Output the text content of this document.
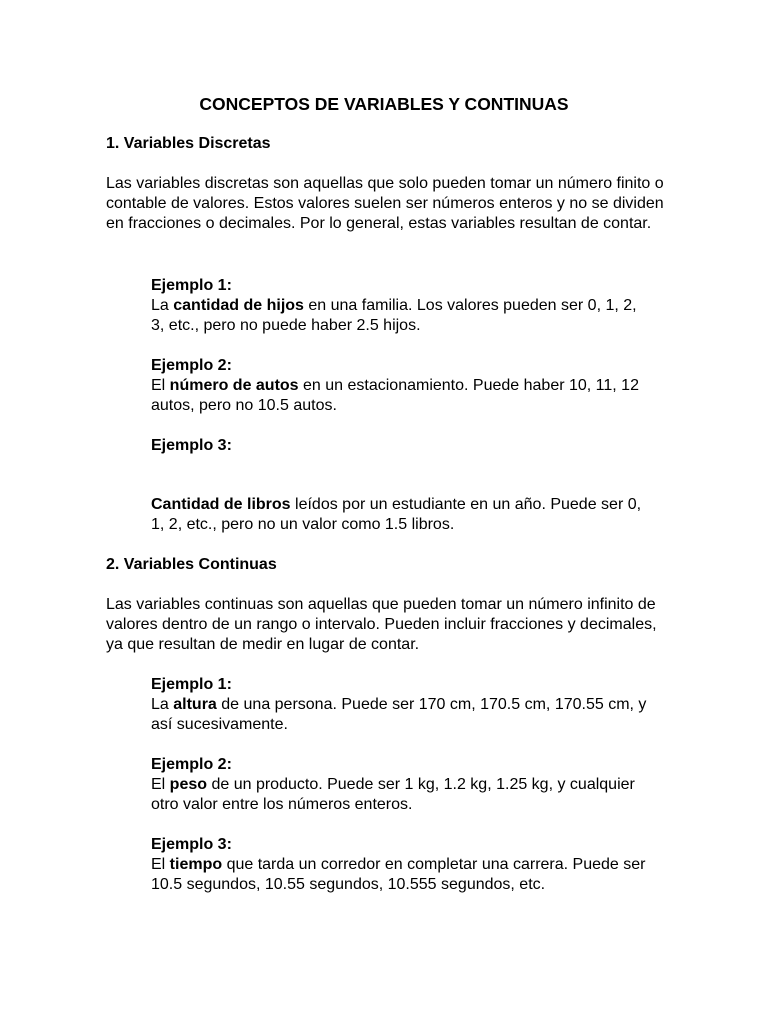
CONCEPTOS DE VARIABLES Y CONTINUAS

1. Variables Discretas

Las variables discretas son aquellas que solo pueden tomar un número finito o contable de valores. Estos valores suelen ser números enteros y no se dividen en fracciones o decimales. Por lo general, estas variables resultan de contar.

Ejemplo 1:

La cantidad de hijos en una familia. Los valores pueden ser 0, 1, 2, 3, etc., pero no puede haber 2.5 hijos.

Ejemplo 2:

El número de autos en un estacionamiento. Puede haber 10, 11, 12 autos, pero no 10.5 autos.

Ejemplo 3:

Cantidad de libros leídos por un estudiante en un año. Puede ser 0, 1, 2, etc., pero no un valor como 1.5 libros.

2. Variables Continuas

Las variables continuas son aquellas que pueden tomar un número infinito de valores dentro de un rango o intervalo. Pueden incluir fracciones y decimales, ya que resultan de medir en lugar de contar.

Ejemplo 1:

La altura de una persona. Puede ser 170 cm, 170.5 cm, 170.55 cm, y así sucesivamente.

Ejemplo 2:

El peso de un producto. Puede ser 1 kg, 1.2 kg, 1.25 kg, y cualquier otro valor entre los números enteros.

Ejemplo 3:

El tiempo que tarda un corredor en completar una carrera. Puede ser 10.5 segundos, 10.55 segundos, 10.555 segundos, etc.
